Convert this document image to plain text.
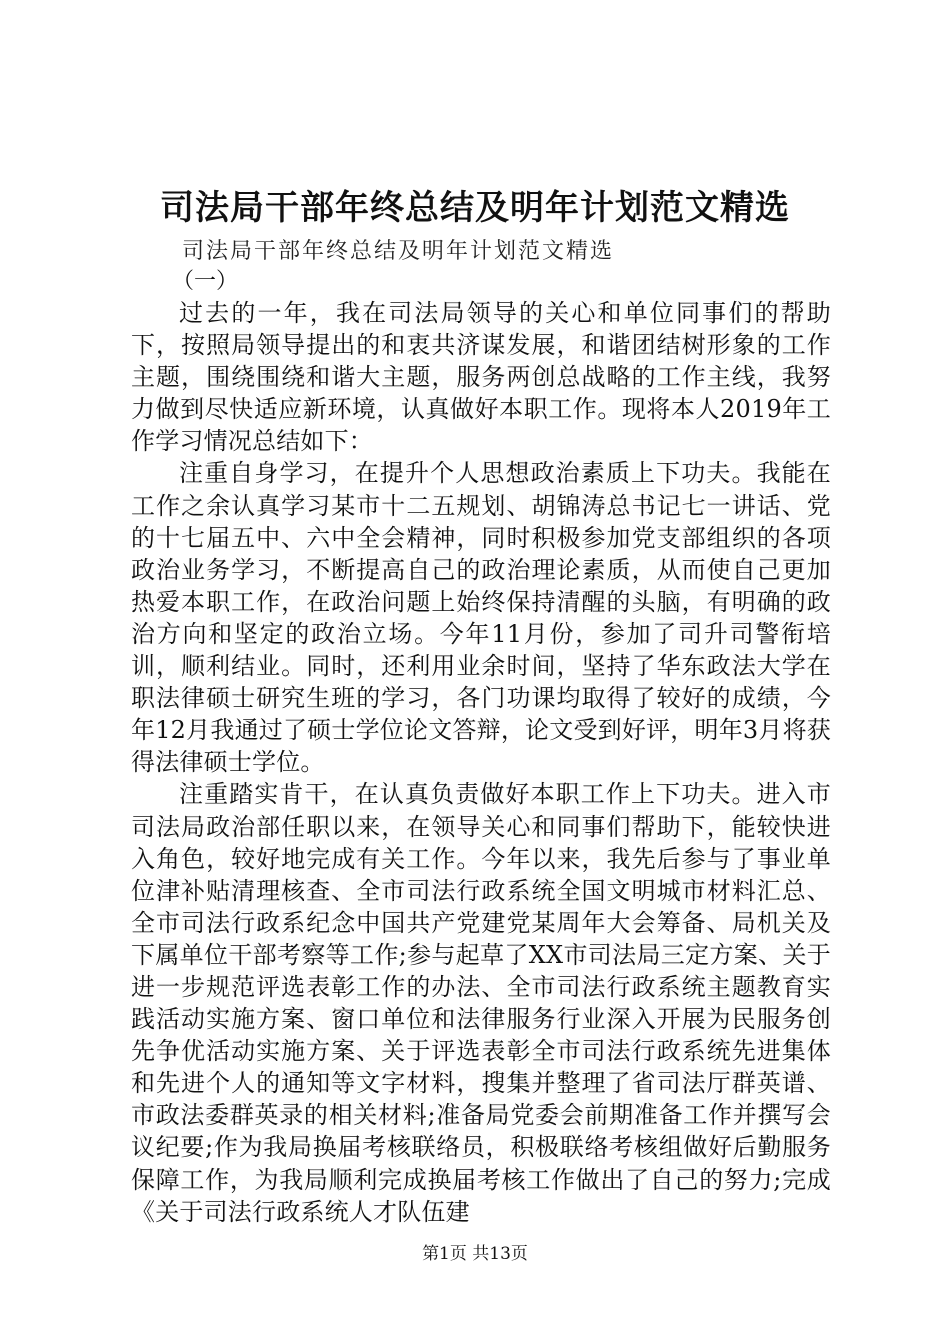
司法局干部年终总结及明年计划范文精选
司法局干部年终总结及明年计划范文精选
（一）

过去的一年，我在司法局领导的关心和单位同事们的帮助下，按照局领导提出的和衷共济谋发展，和谐团结树形象的工作主题，围绕围绕和谐大主题，服务两创总战略的工作主线，我努力做到尽快适应新环境，认真做好本职工作。现将本人2019年工作学习情况总结如下：

注重自身学习，在提升个人思想政治素质上下功夫。我能在工作之余认真学习某市十二五规划、胡锦涛总书记七一讲话、党的十七届五中、六中全会精神，同时积极参加党支部组织的各项政治业务学习，不断提高自己的政治理论素质，从而使自己更加热爱本职工作，在政治问题上始终保持清醒的头脑，有明确的政治方向和坚定的政治立场。今年11月份，参加了司升司警衔培训，顺利结业。同时，还利用业余时间，坚持了华东政法大学在职法律硕士研究生班的学习，各门功课均取得了较好的成绩，今年12月我通过了硕士学位论文答辩，论文受到好评，明年3月将获得法律硕士学位。

注重踏实肯干，在认真负责做好本职工作上下功夫。进入市司法局政治部任职以来，在领导关心和同事们帮助下，能较快进入角色，较好地完成有关工作。今年以来，我先后参与了事业单位津补贴清理核查、全市司法行政系统全国文明城市材料汇总、全市司法行政系纪念中国共产党建党某周年大会筹备、局机关及下属单位干部考察等工作;参与起草了XX市司法局三定方案、关于进一步规范评选表彰工作的办法、全市司法行政系统主题教育实践活动实施方案、窗口单位和法律服务行业深入开展为民服务创先争优活动实施方案、关于评选表彰全市司法行政系统先进集体和先进个人的通知等文字材料，搜集并整理了省司法厅群英谱、市政法委群英录的相关材料;准备局党委会前期准备工作并撰写会议纪要;作为我局换届考核联络员，积极联络考核组做好后勤服务保障工作，为我局顺利完成换届考核工作做出了自己的努力;完成《关于司法行政系统人才队伍建

第1页 共13页
